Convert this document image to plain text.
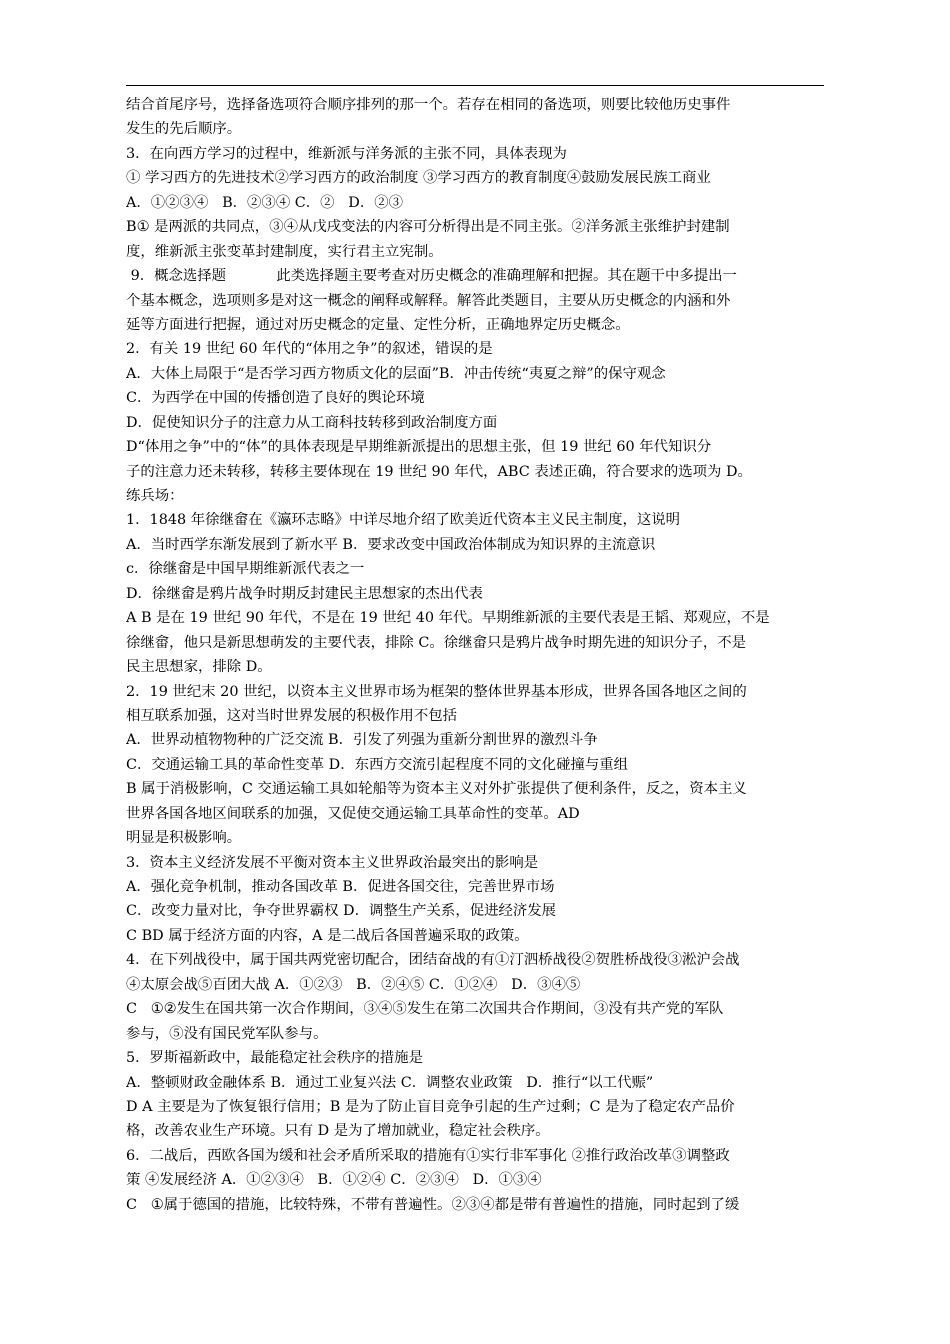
结合首尾序号，选择备选项符合顺序排列的那一个。若存在相同的备选项，则要比较他历史事件
发生的先后顺序。
3．在向西方学习的过程中，维新派与洋务派的主张不同，具体表现为
① 学习西方的先进技术②学习西方的政治制度 ③学习西方的教育制度④鼓励发展民族工商业
A．①②③④   B．②③④ C．②   D．②③
B① 是两派的共同点，③④从戊戌变法的内容可分析得出是不同主张。②洋务派主张维护封建制
度，维新派主张变革封建制度，实行君主立宪制。
9．概念选择题           此类选择题主要考查对历史概念的准确理解和把握。其在题干中多提出一
个基本概念，选项则多是对这一概念的阐释或解释。解答此类题目，主要从历史概念的内涵和外
延等方面进行把握，通过对历史概念的定量、定性分析，正确地界定历史概念。
2．有关 19 世纪 60 年代的“体用之争”的叙述，错误的是
A．大体上局限于“是否学习西方物质文化的层面”B．冲击传统“夷夏之辩”的保守观念
C．为西学在中国的传播创造了良好的舆论环境
D．促使知识分子的注意力从工商科技转移到政治制度方面
D“体用之争”中的“体”的具体表现是早期维新派提出的思想主张，但 19 世纪 60 年代知识分
子的注意力还未转移，转移主要体现在 19 世纪 90 年代，ABC 表述正确，符合要求的选项为 D。
练兵场：
1．1848 年徐继畲在《瀛环志略》中详尽地介绍了欧美近代资本主义民主制度，这说明
A．当时西学东渐发展到了新水平 B．要求改变中国政治体制成为知识界的主流意识
c．徐继畲是中国早期维新派代表之一
D．徐继畲是鸦片战争时期反封建民主思想家的杰出代表
A B 是在 19 世纪 90 年代，不是在 19 世纪 40 年代。早期维新派的主要代表是王韬、郑观应，不是
徐继畲，他只是新思想萌发的主要代表，排除 C。徐继畲只是鸦片战争时期先进的知识分子，不是
民主思想家，排除 D。
2．19 世纪末 20 世纪，以资本主义世界市场为框架的整体世界基本形成，世界各国各地区之间的
相互联系加强，这对当时世界发展的积极作用不包括
A．世界动植物物种的广泛交流 B．引发了列强为重新分割世界的激烈斗争
C．交通运输工具的革命性变革 D．东西方交流引起程度不同的文化碰撞与重组
B 属于消极影响，C 交通运输工具如轮船等为资本主义对外扩张提供了便利条件，反之，资本主义
世界各国各地区间联系的加强，又促使交通运输工具革命性的变革。AD
明显是积极影响。
3．资本主义经济发展不平衡对资本主义世界政治最突出的影响是
A．强化竞争机制，推动各国改革 B．促进各国交往，完善世界市场
C．改变力量对比，争夺世界霸权 D．调整生产关系，促进经济发展
C BD 属于经济方面的内容，A 是二战后各国普遍采取的政策。
4．在下列战役中，属于国共两党密切配合，团结奋战的有①汀泗桥战役②贺胜桥战役③淞沪会战
④太原会战⑤百团大战 A．①②③   B．②④⑤ C．①②④   D．③④⑤
C   ①②发生在国共第一次合作期间，③④⑤发生在第二次国共合作期间，③没有共产党的军队
参与，⑤没有国民党军队参与。
5．罗斯福新政中，最能稳定社会秩序的措施是
A．整顿财政金融体系 B．通过工业复兴法 C．调整农业政策   D．推行“以工代赈”
D A 主要是为了恢复银行信用；B 是为了防止盲目竞争引起的生产过剩；C 是为了稳定农产品价
格，改善农业生产环境。只有 D 是为了增加就业，稳定社会秩序。
6．二战后，西欧各国为缓和社会矛盾所采取的措施有①实行非军事化 ②推行政治改革③调整政
策 ④发展经济 A．①②③④   B．①②④ C．②③④   D．①③④
C   ①属于德国的措施，比较特殊，不带有普遍性。②③④都是带有普遍性的措施，同时起到了缓
